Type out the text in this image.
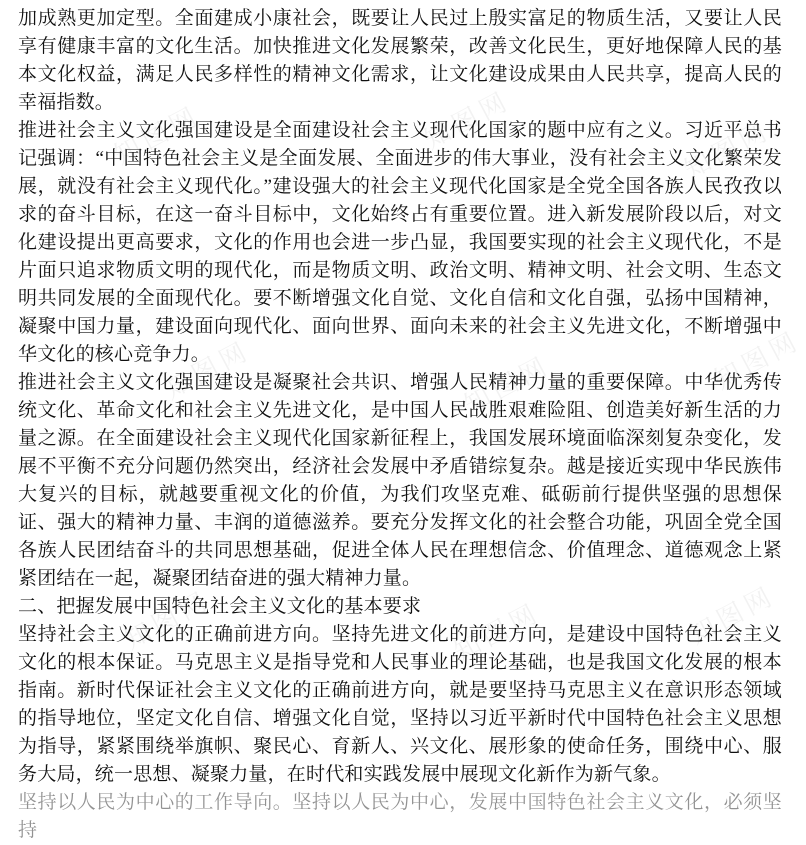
知图网	知图网	知图网
知图网	知图网	知图网
知图网	知图网	知图网

加成熟更加定型。全面建成小康社会，既要让人民过上殷实富足的物质生活，又要让人民享有健康丰富的文化生活。加快推进文化发展繁荣，改善文化民生，更好地保障人民的基本文化权益，满足人民多样性的精神文化需求，让文化建设成果由人民共享，提高人民的幸福指数。

推进社会主义文化强国建设是全面建设社会主义现代化国家的题中应有之义。习近平总书记强调：“中国特色社会主义是全面发展、全面进步的伟大事业，没有社会主义文化繁荣发展，就没有社会主义现代化。”建设强大的社会主义现代化国家是全党全国各族人民孜孜以求的奋斗目标，在这一奋斗目标中，文化始终占有重要位置。进入新发展阶段以后，对文化建设提出更高要求，文化的作用也会进一步凸显，我国要实现的社会主义现代化，不是片面只追求物质文明的现代化，而是物质文明、政治文明、精神文明、社会文明、生态文明共同发展的全面现代化。要不断增强文化自觉、文化自信和文化自强，弘扬中国精神，凝聚中国力量，建设面向现代化、面向世界、面向未来的社会主义先进文化，不断增强中华文化的核心竞争力。

推进社会主义文化强国建设是凝聚社会共识、增强人民精神力量的重要保障。中华优秀传统文化、革命文化和社会主义先进文化，是中国人民战胜艰难险阻、创造美好新生活的力量之源。在全面建设社会主义现代化国家新征程上，我国发展环境面临深刻复杂变化，发展不平衡不充分问题仍然突出，经济社会发展中矛盾错综复杂。越是接近实现中华民族伟大复兴的目标，就越要重视文化的价值，为我们攻坚克难、砥砺前行提供坚强的思想保证、强大的精神力量、丰润的道德滋养。要充分发挥文化的社会整合功能，巩固全党全国各族人民团结奋斗的共同思想基础，促进全体人民在理想信念、价值理念、道德观念上紧紧团结在一起，凝聚团结奋进的强大精神力量。

二、把握发展中国特色社会主义文化的基本要求

坚持社会主义文化的正确前进方向。坚持先进文化的前进方向，是建设中国特色社会主义文化的根本保证。马克思主义是指导党和人民事业的理论基础，也是我国文化发展的根本指南。新时代保证社会主义文化的正确前进方向，就是要坚持马克思主义在意识形态领域的指导地位，坚定文化自信、增强文化自觉，坚持以习近平新时代中国特色社会主义思想为指导，紧紧围绕举旗帜、聚民心、育新人、兴文化、展形象的使命任务，围绕中心、服务大局，统一思想、凝聚力量，在时代和实践发展中展现文化新作为新气象。

坚持以人民为中心的工作导向。坚持以人民为中心，发展中国特色社会主义文化，必须坚持
